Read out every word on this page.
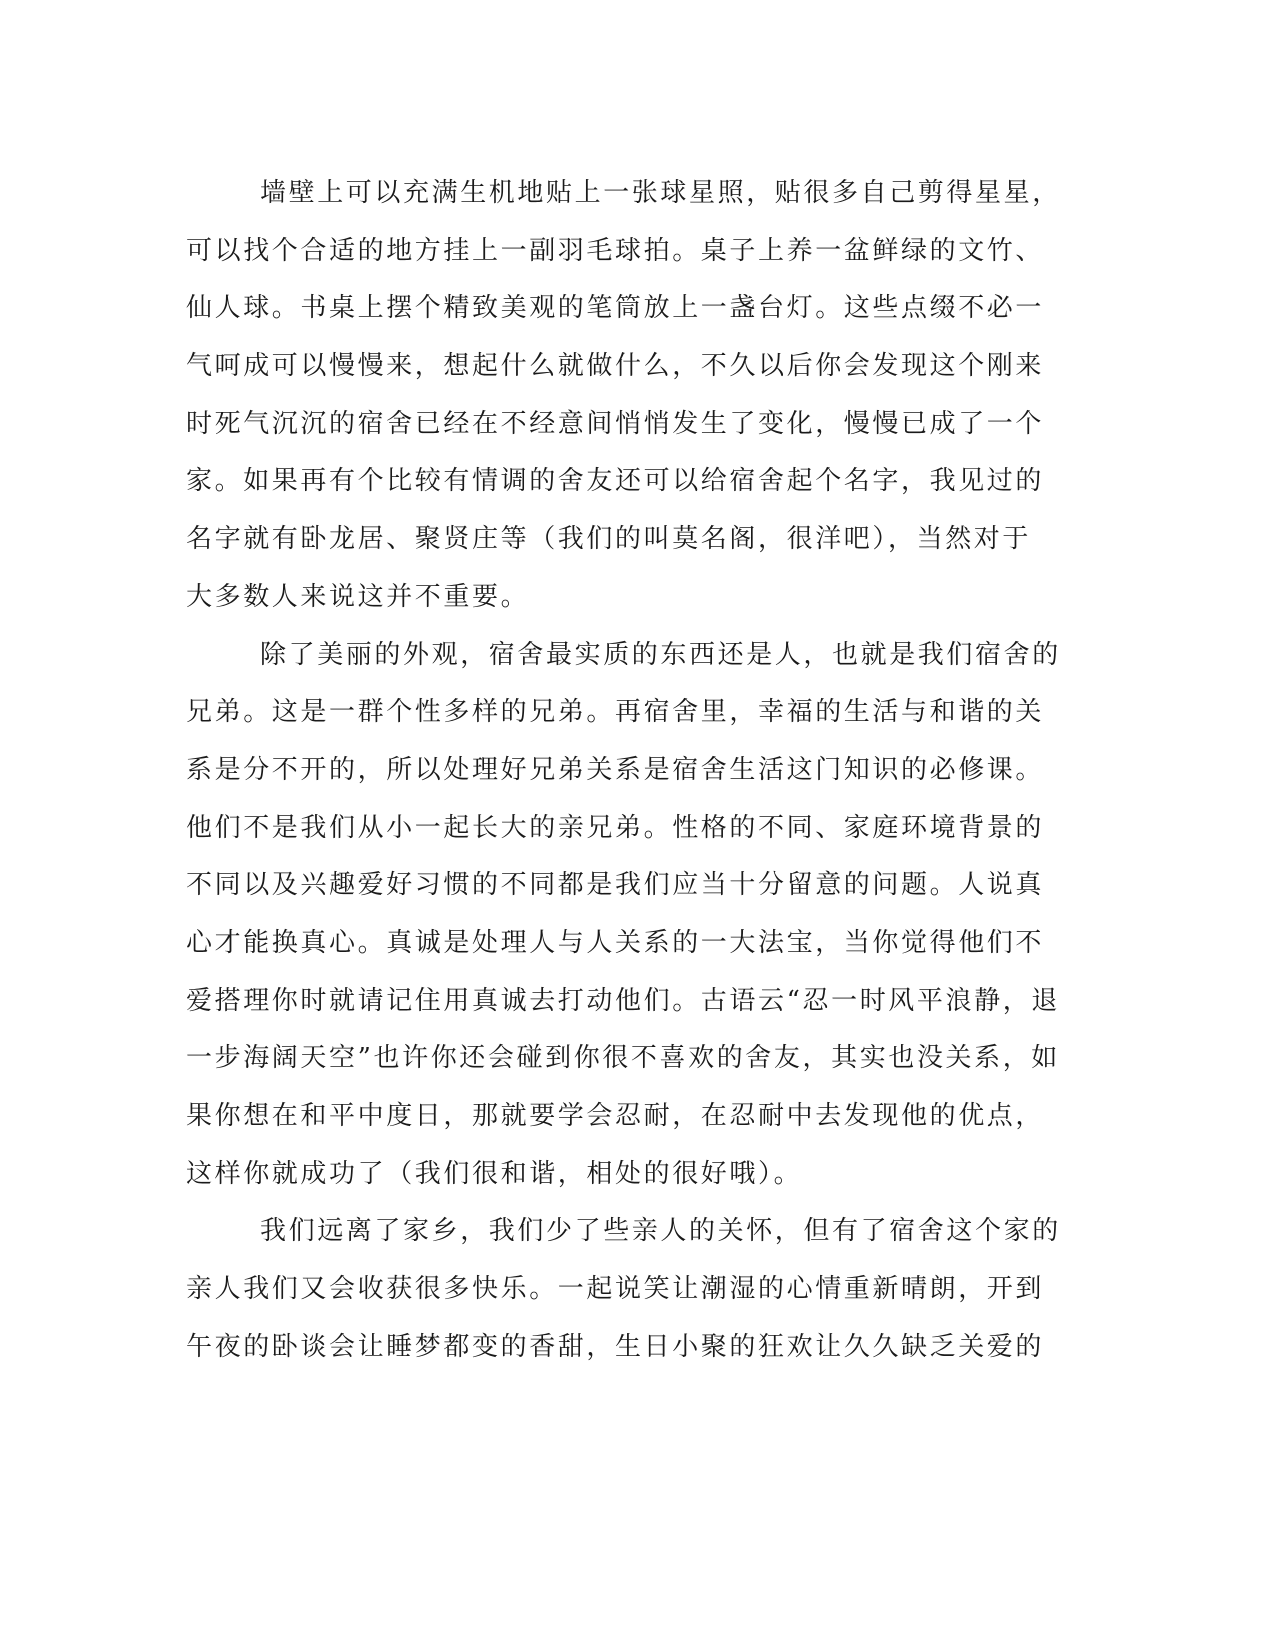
墙壁上可以充满生机地贴上一张球星照，贴很多自己剪得星星，
可以找个合适的地方挂上一副羽毛球拍。桌子上养一盆鲜绿的文竹、
仙人球。书桌上摆个精致美观的笔筒放上一盏台灯。这些点缀不必一
气呵成可以慢慢来，想起什么就做什么，不久以后你会发现这个刚来
时死气沉沉的宿舍已经在不经意间悄悄发生了变化，慢慢已成了一个
家。如果再有个比较有情调的舍友还可以给宿舍起个名字，我见过的
名字就有卧龙居、聚贤庄等（我们的叫莫名阁，很洋吧），当然对于
大多数人来说这并不重要。
除了美丽的外观，宿舍最实质的东西还是人，也就是我们宿舍的
兄弟。这是一群个性多样的兄弟。再宿舍里，幸福的生活与和谐的关
系是分不开的，所以处理好兄弟关系是宿舍生活这门知识的必修课。
他们不是我们从小一起长大的亲兄弟。性格的不同、家庭环境背景的
不同以及兴趣爱好习惯的不同都是我们应当十分留意的问题。人说真
心才能换真心。真诚是处理人与人关系的一大法宝，当你觉得他们不
爱搭理你时就请记住用真诚去打动他们。古语云“忍一时风平浪静，退
一步海阔天空”也许你还会碰到你很不喜欢的舍友，其实也没关系，如
果你想在和平中度日，那就要学会忍耐，在忍耐中去发现他的优点，
这样你就成功了（我们很和谐，相处的很好哦）。
我们远离了家乡，我们少了些亲人的关怀，但有了宿舍这个家的
亲人我们又会收获很多快乐。一起说笑让潮湿的心情重新晴朗，开到
午夜的卧谈会让睡梦都变的香甜，生日小聚的狂欢让久久缺乏关爱的
